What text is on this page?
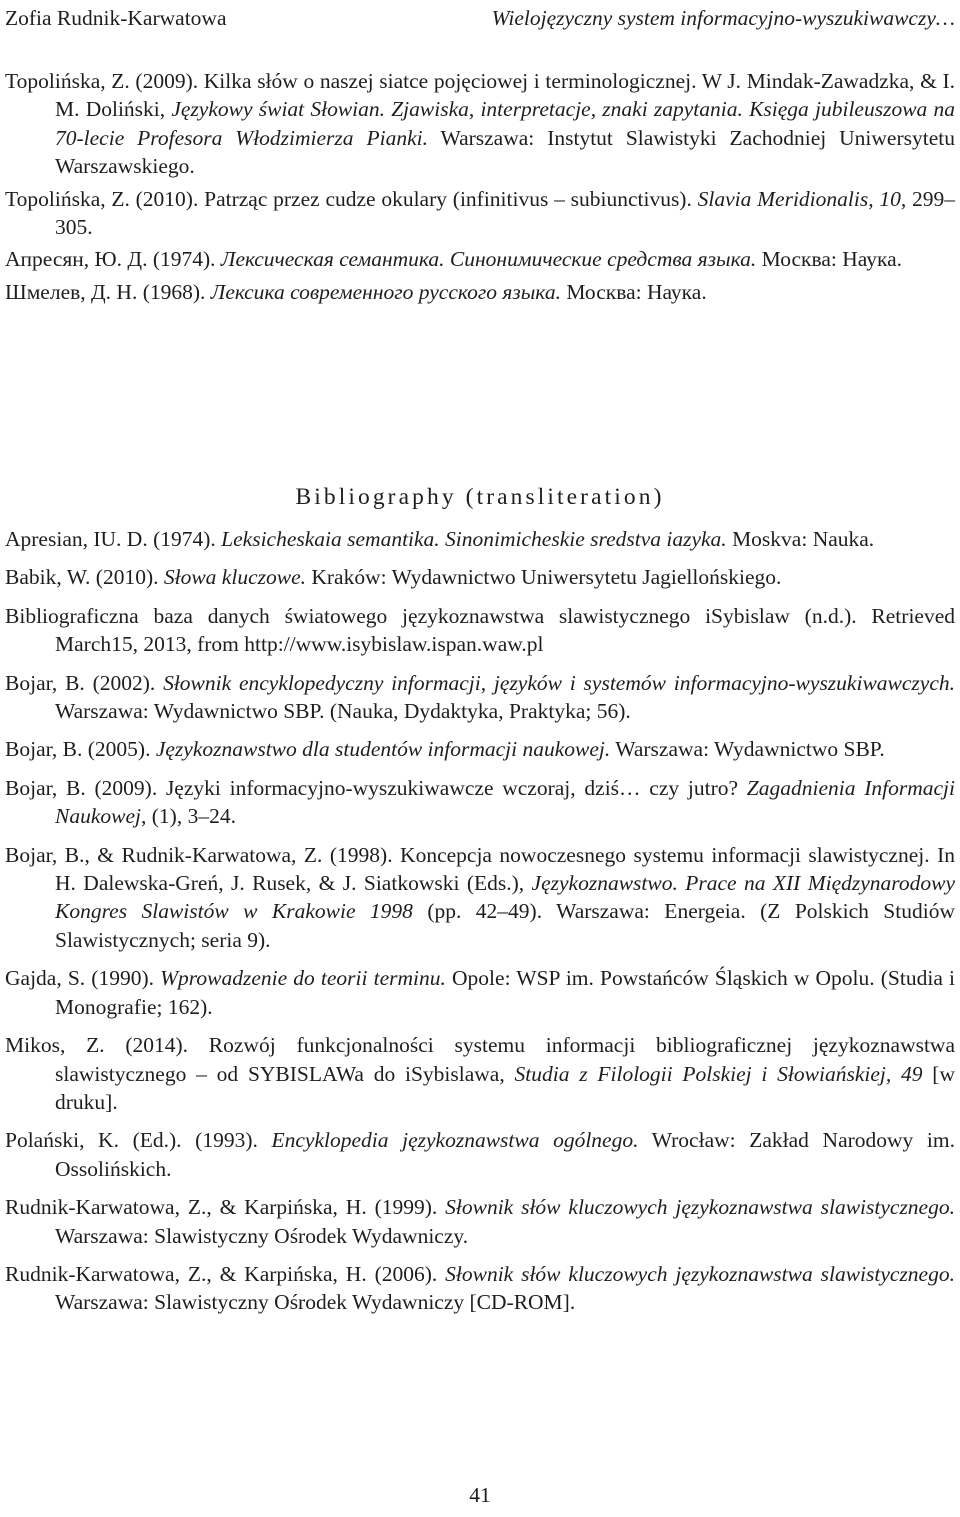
Zofia Rudnik-Karwatowa	Wielojęzyczny system informacyjno-wyszukiwawczy…
Topolińska, Z. (2009). Kilka słów o naszej siatce pojęciowej i terminologicznej. W J. Mindak-Zawadzka, & I. M. Doliński, Językowy świat Słowian. Zjawiska, interpretacje, znaki zapytania. Księga jubileuszowa na 70-lecie Profesora Włodzimierza Pianki. Warszawa: Instytut Slawistyki Zachodniej Uniwersytetu Warszawskiego.
Topolińska, Z. (2010). Patrząc przez cudze okulary (infinitivus – subiunctivus). Slavia Meridionalis, 10, 299–305.
Апресян, Ю. Д. (1974). Лексическая семантика. Синонимические средства языка. Москва: Наука.
Шмелев, Д. Н. (1968). Лексика современного русского языка. Москва: Наука.
Bibliography (transliteration)
Apresian, IU. D. (1974). Leksicheskaia semantika. Sinonimicheskie sredstva iazyka. Moskva: Nauka.
Babik, W. (2010). Słowa kluczowe. Kraków: Wydawnictwo Uniwersytetu Jagiellońskiego.
Bibliograficzna baza danych światowego językoznawstwa slawistycznego iSybislaw (n.d.). Retrieved March15, 2013, from http://www.isybislaw.ispan.waw.pl
Bojar, B. (2002). Słownik encyklopedyczny informacji, języków i systemów informacyjno-wyszukiwawczych. Warszawa: Wydawnictwo SBP. (Nauka, Dydaktyka, Praktyka; 56).
Bojar, B. (2005). Językoznawstwo dla studentów informacji naukowej. Warszawa: Wydawnictwo SBP.
Bojar, B. (2009). Języki informacyjno-wyszukiwawcze wczoraj, dziś… czy jutro? Zagadnienia Informacji Naukowej, (1), 3–24.
Bojar, B., & Rudnik-Karwatowa, Z. (1998). Koncepcja nowoczesnego systemu informacji slawistycznej. In H. Dalewska-Greń, J. Rusek, & J. Siatkowski (Eds.), Językoznawstwo. Prace na XII Międzynarodowy Kongres Slawistów w Krakowie 1998 (pp. 42–49). Warszawa: Energeia. (Z Polskich Studiów Slawistycznych; seria 9).
Gajda, S. (1990). Wprowadzenie do teorii terminu. Opole: WSP im. Powstańców Śląskich w Opolu. (Studia i Monografie; 162).
Mikos, Z. (2014). Rozwój funkcjonalności systemu informacji bibliograficznej językoznawstwa slawistycznego – od SYBISLAWa do iSybislawa, Studia z Filologii Polskiej i Słowiańskiej, 49 [w druku].
Polański, K. (Ed.). (1993). Encyklopedia językoznawstwa ogólnego. Wrocław: Zakład Narodowy im. Ossolińskich.
Rudnik-Karwatowa, Z., & Karpińska, H. (1999). Słownik słów kluczowych językoznawstwa slawistycznego. Warszawa: Slawistyczny Ośrodek Wydawniczy.
Rudnik-Karwatowa, Z., & Karpińska, H. (2006). Słownik słów kluczowych językoznawstwa slawistycznego. Warszawa: Slawistyczny Ośrodek Wydawniczy [CD-ROM].
41
